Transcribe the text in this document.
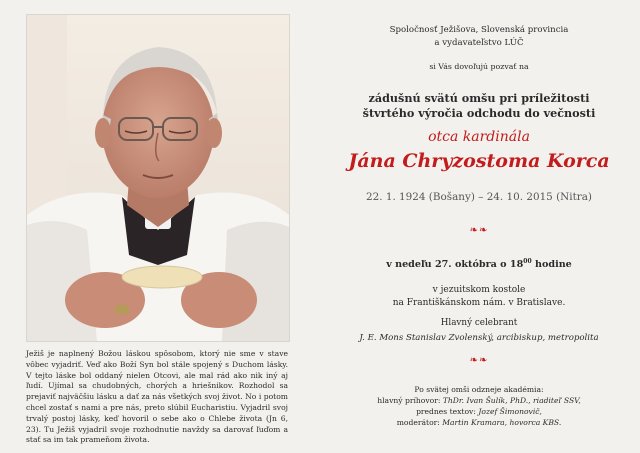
Ježiš je naplnený Božou láskou spôsobom, ktorý nie sme v stave vôbec vyjadriť. Veď ako Boží Syn bol stále spojený s Duchom lásky. V tejto láske bol oddaný nielen Otcovi, ale mal rád ako nik iný aj ľudí. Ujímal sa chudobných, chorých a hriešnikov. Rozhodol sa prejaviť najväčšiu lásku a dať za nás všetkých svoj život. No i potom chcel zostať s nami a pre nás, preto slúbil Eucharistiu. Vyjadril svoj trvalý postoj lásky, keď hovoril o sebe ako o Chlebe života (Jn 6, 23). Tu Ježiš vyjadril svoje rozhodnutie navždy sa darovať ľuďom a stať sa im tak prameňom života.
Spoločnosť Ježišova, Slovenská provincia
a vydavateľstvo LÚČ
si Vás dovoľujú pozvať na
zádušnú svätú omšu pri príležitosti
štvrtého výročia odchodu do večnosti
otca kardinála
Jána Chryzostoma Korca
22. 1. 1924 (Bošany) – 24. 10. 2015 (Nitra)
❧❧
v nedeľu 27. októbra o $18^{00}$ hodine
v jezuitskom kostole
na Františkánskom nám. v Bratislave.
Hlavný celebrant
J. E. Mons Stanislav Zvolenský, arcibiskup, metropolita
❧❧
Po svätej omši odzneje akadémia:
hlavný príhovor: ThDr. Ivan Šulík, PhD., riaditeľ SSV,
prednes textov: Jozef Šimonovič,
moderátor: Martin Kramara, hovorca KBS.
